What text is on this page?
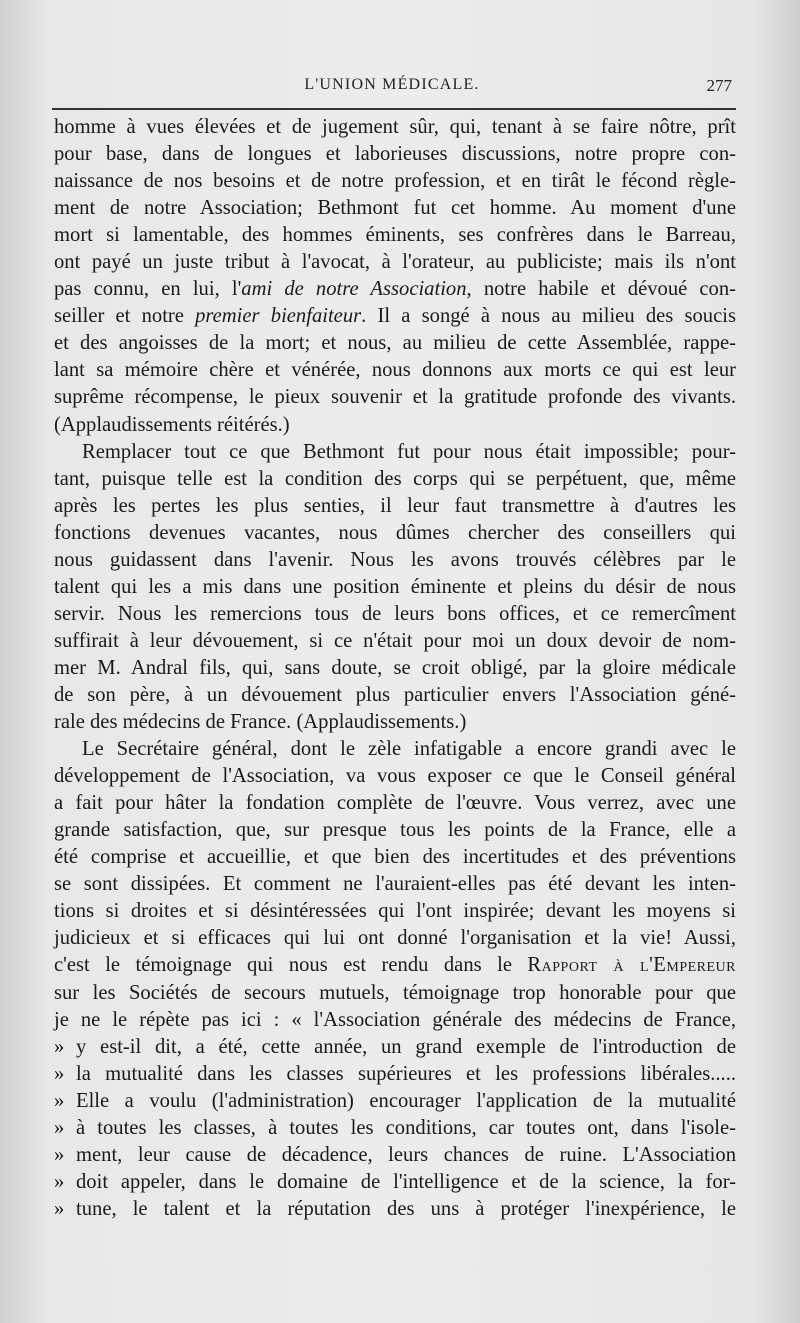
L'UNION MÉDICALE.	277
homme à vues élevées et de jugement sûr, qui, tenant à se faire nôtre, prît
pour base, dans de longues et laborieuses discussions, notre propre con-
naissance de nos besoins et de notre profession, et en tirât le fécond règle-
ment de notre Association; Bethmont fut cet homme. Au moment d'une
mort si lamentable, des hommes éminents, ses confrères dans le Barreau,
ont payé un juste tribut à l'avocat, à l'orateur, au publiciste; mais ils n'ont
pas connu, en lui, l'ami de notre Association, notre habile et dévoué con-
seiller et notre premier bienfaiteur. Il a songé à nous au milieu des soucis
et des angoisses de la mort; et nous, au milieu de cette Assemblée, rappe-
lant sa mémoire chère et vénérée, nous donnons aux morts ce qui est leur
suprême récompense, le pieux souvenir et la gratitude profonde des vivants.
(Applaudissements réitérés.)
Remplacer tout ce que Bethmont fut pour nous était impossible; pour-
tant, puisque telle est la condition des corps qui se perpétuent, que, même
après les pertes les plus senties, il leur faut transmettre à d'autres les
fonctions devenues vacantes, nous dûmes chercher des conseillers qui
nous guidassent dans l'avenir. Nous les avons trouvés célèbres par le
talent qui les a mis dans une position éminente et pleins du désir de nous
servir. Nous les remercions tous de leurs bons offices, et ce remercîment
suffirait à leur dévouement, si ce n'était pour moi un doux devoir de nom-
mer M. Andral fils, qui, sans doute, se croit obligé, par la gloire médicale
de son père, à un dévouement plus particulier envers l'Association géné-
rale des médecins de France. (Applaudissements.)
Le Secrétaire général, dont le zèle infatigable a encore grandi avec le
développement de l'Association, va vous exposer ce que le Conseil général
a fait pour hâter la fondation complète de l'œuvre. Vous verrez, avec une
grande satisfaction, que, sur presque tous les points de la France, elle a
été comprise et accueillie, et que bien des incertitudes et des préventions
se sont dissipées. Et comment ne l'auraient-elles pas été devant les inten-
tions si droites et si désintéressées qui l'ont inspirée; devant les moyens si
judicieux et si efficaces qui lui ont donné l'organisation et la vie! Aussi,
c'est le témoignage qui nous est rendu dans le Rapport à l'Empereur
sur les Sociétés de secours mutuels, témoignage trop honorable pour que
je ne le répète pas ici : « l'Association générale des médecins de France,
» y est-il dit, a été, cette année, un grand exemple de l'introduction de
» la mutualité dans les classes supérieures et les professions libérales.....
» Elle a voulu (l'administration) encourager l'application de la mutualité
» à toutes les classes, à toutes les conditions, car toutes ont, dans l'isole-
» ment, leur cause de décadence, leurs chances de ruine. L'Association
» doit appeler, dans le domaine de l'intelligence et de la science, la for-
» tune, le talent et la réputation des uns à protéger l'inexpérience, le
